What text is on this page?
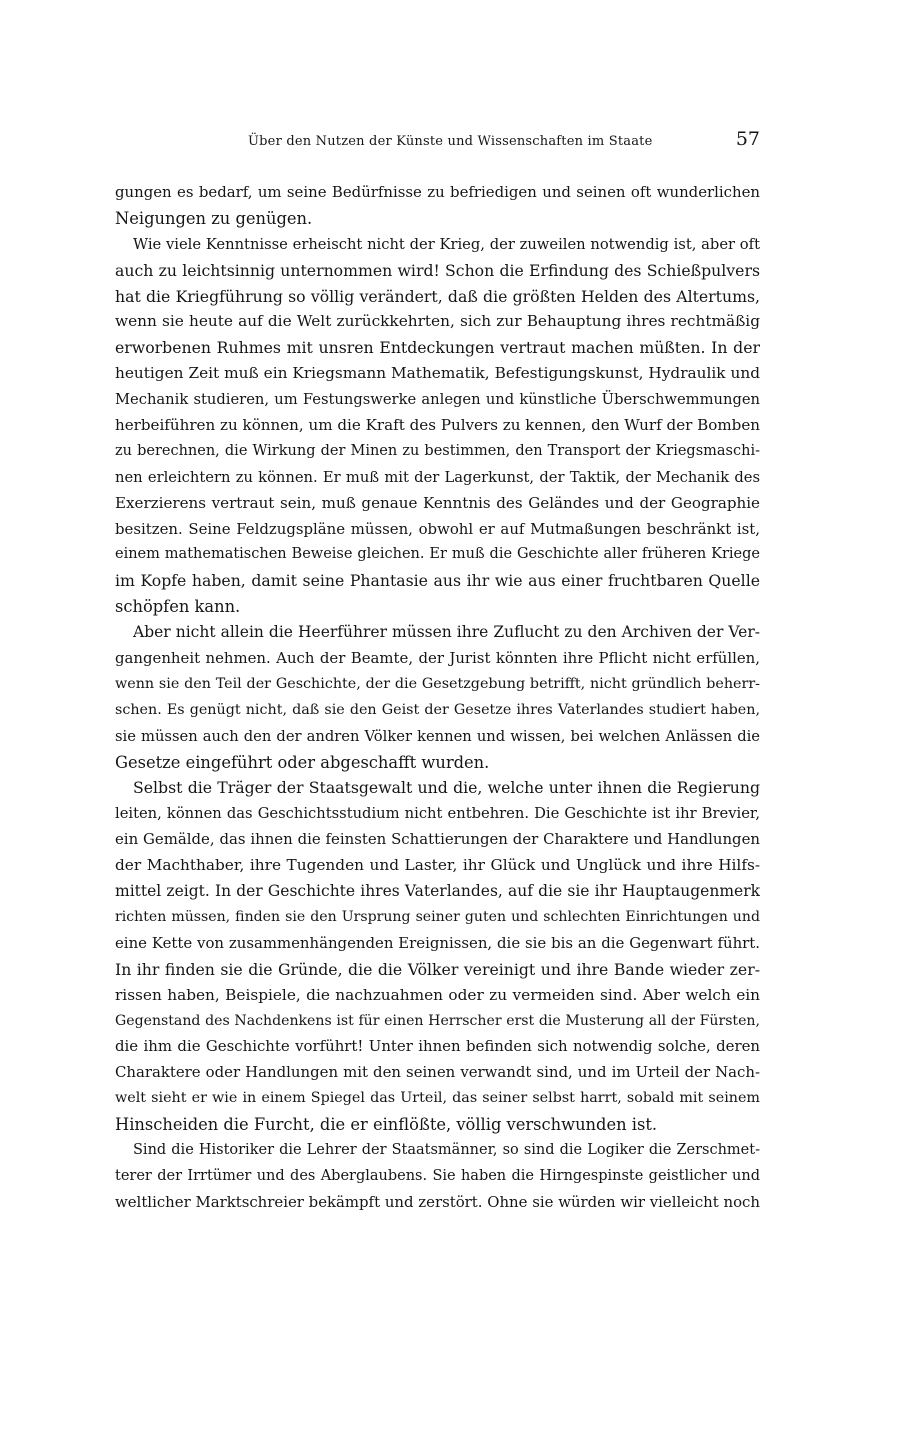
Über den Nutzen der Künste und Wissenschaften im Staate	57
gungen es bedarf, um seine Bedürfnisse zu befriedigen und seinen oft wunderlichen
Neigungen zu genügen.
Wie viele Kenntnisse erheischt nicht der Krieg, der zuweilen notwendig ist, aber oft
auch zu leichtsinnig unternommen wird! Schon die Erfindung des Schießpulvers
hat die Kriegführung so völlig verändert, daß die größten Helden des Altertums,
wenn sie heute auf die Welt zurückkehrten, sich zur Behauptung ihres rechtmäßig
erworbenen Ruhmes mit unsren Entdeckungen vertraut machen müßten. In der
heutigen Zeit muß ein Kriegsmann Mathematik, Befestigungskunst, Hydraulik und
Mechanik studieren, um Festungswerke anlegen und künstliche Überschwemmungen
herbeiführen zu können, um die Kraft des Pulvers zu kennen, den Wurf der Bomben
zu berechnen, die Wirkung der Minen zu bestimmen, den Transport der Kriegsmaschi-
nen erleichtern zu können. Er muß mit der Lagerkunst, der Taktik, der Mechanik des
Exerzierens vertraut sein, muß genaue Kenntnis des Geländes und der Geographie
besitzen. Seine Feldzugspläne müssen, obwohl er auf Mutmaßungen beschränkt ist,
einem mathematischen Beweise gleichen. Er muß die Geschichte aller früheren Kriege
im Kopfe haben, damit seine Phantasie aus ihr wie aus einer fruchtbaren Quelle
schöpfen kann.
Aber nicht allein die Heerführer müssen ihre Zuflucht zu den Archiven der Ver-
gangenheit nehmen. Auch der Beamte, der Jurist könnten ihre Pflicht nicht erfüllen,
wenn sie den Teil der Geschichte, der die Gesetzgebung betrifft, nicht gründlich beherr-
schen. Es genügt nicht, daß sie den Geist der Gesetze ihres Vaterlandes studiert haben,
sie müssen auch den der andren Völker kennen und wissen, bei welchen Anlässen die
Gesetze eingeführt oder abgeschafft wurden.
Selbst die Träger der Staatsgewalt und die, welche unter ihnen die Regierung
leiten, können das Geschichtsstudium nicht entbehren. Die Geschichte ist ihr Brevier,
ein Gemälde, das ihnen die feinsten Schattierungen der Charaktere und Handlungen
der Machthaber, ihre Tugenden und Laster, ihr Glück und Unglück und ihre Hilfs-
mittel zeigt. In der Geschichte ihres Vaterlandes, auf die sie ihr Hauptaugenmerk
richten müssen, finden sie den Ursprung seiner guten und schlechten Einrichtungen und
eine Kette von zusammenhängenden Ereignissen, die sie bis an die Gegenwart führt.
In ihr finden sie die Gründe, die die Völker vereinigt und ihre Bande wieder zer-
rissen haben, Beispiele, die nachzuahmen oder zu vermeiden sind. Aber welch ein
Gegenstand des Nachdenkens ist für einen Herrscher erst die Musterung all der Fürsten,
die ihm die Geschichte vorführt! Unter ihnen befinden sich notwendig solche, deren
Charaktere oder Handlungen mit den seinen verwandt sind, und im Urteil der Nach-
welt sieht er wie in einem Spiegel das Urteil, das seiner selbst harrt, sobald mit seinem
Hinscheiden die Furcht, die er einflößte, völlig verschwunden ist.
Sind die Historiker die Lehrer der Staatsmänner, so sind die Logiker die Zerschmet-
terer der Irrtümer und des Aberglaubens. Sie haben die Hirngespinste geistlicher und
weltlicher Marktschreier bekämpft und zerstört. Ohne sie würden wir vielleicht noch
